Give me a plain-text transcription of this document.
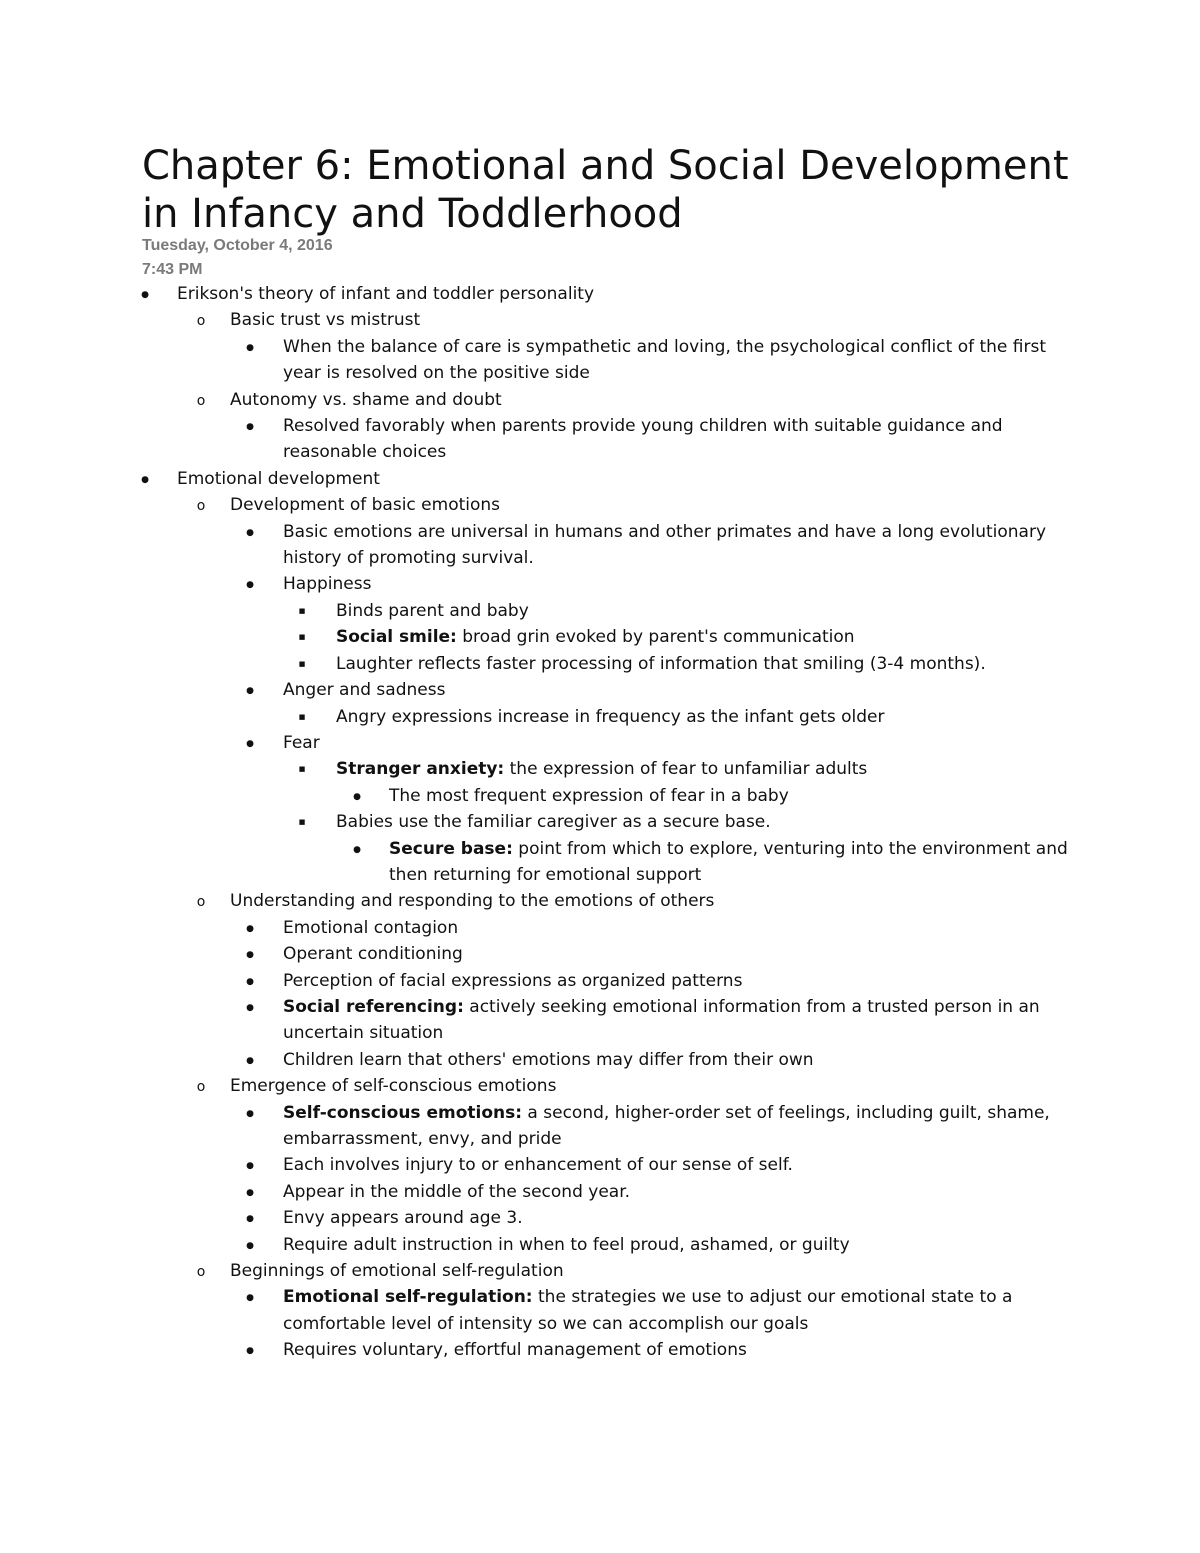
Chapter 6: Emotional and Social Development in Infancy and Toddlerhood
Tuesday, October 4, 2016
7:43 PM
●
Erikson's theory of infant and toddler personality
o
Basic trust vs mistrust
●
When the balance of care is sympathetic and loving, the psychological conflict of the first year is resolved on the positive side
o
Autonomy vs. shame and doubt
●
Resolved favorably when parents provide young children with suitable guidance and reasonable choices
●
Emotional development
o
Development of basic emotions
●
Basic emotions are universal in humans and other primates and have a long evolutionary history of promoting survival.
●
Happiness
■
Binds parent and baby
■
Social smile: broad grin evoked by parent's communication
■
Laughter reflects faster processing of information that smiling (3-4 months).
●
Anger and sadness
■
Angry expressions increase in frequency as the infant gets older
●
Fear
■
Stranger anxiety: the expression of fear to unfamiliar adults
●
The most frequent expression of fear in a baby
■
Babies use the familiar caregiver as a secure base.
●
Secure base: point from which to explore, venturing into the environment and then returning for emotional support
o
Understanding and responding to the emotions of others
●
Emotional contagion
●
Operant conditioning
●
Perception of facial expressions as organized patterns
●
Social referencing: actively seeking emotional information from a trusted person in an uncertain situation
●
Children learn that others' emotions may differ from their own
o
Emergence of self-conscious emotions
●
Self-conscious emotions: a second, higher-order set of feelings, including guilt, shame, embarrassment, envy, and pride
●
Each involves injury to or enhancement of our sense of self.
●
Appear in the middle of the second year.
●
Envy appears around age 3.
●
Require adult instruction in when to feel proud, ashamed, or guilty
o
Beginnings of emotional self-regulation
●
Emotional self-regulation: the strategies we use to adjust our emotional state to a comfortable level of intensity so we can accomplish our goals
●
Requires voluntary, effortful management of emotions
